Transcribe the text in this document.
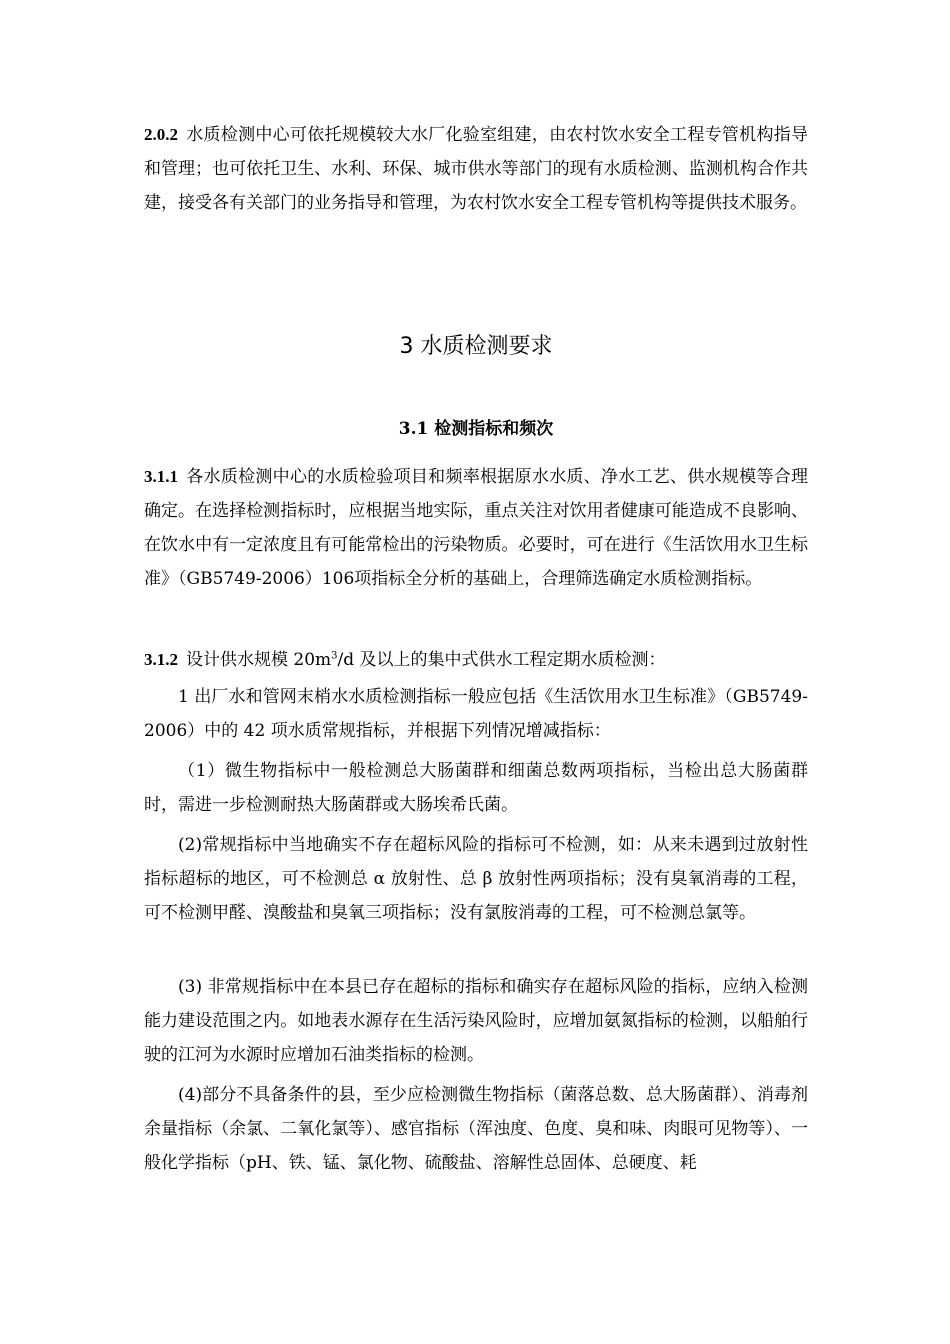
2.0.2 水质检测中心可依托规模较大水厂化验室组建，由农村饮水安全工程专管机构指导和管理；也可依托卫生、水利、环保、城市供水等部门的现有水质检测、监测机构合作共建，接受各有关部门的业务指导和管理，为农村饮水安全工程专管机构等提供技术服务。

3 水质检测要求
3.1 检测指标和频次

3.1.1 各水质检测中心的水质检验项目和频率根据原水水质、净水工艺、供水规模等合理确定。在选择检测指标时，应根据当地实际，重点关注对饮用者健康可能造成不良影响、在饮水中有一定浓度且有可能常检出的污染物质。必要时，可在进行《生活饮用水卫生标准》（GB5749-2006）106项指标全分析的基础上，合理筛选确定水质检测指标。

3.1.2 设计供水规模 $20m^3/d$ 及以上的集中式供水工程定期水质检测：

1 出厂水和管网末梢水水质检测指标一般应包括《生活饮用水卫生标准》（GB5749-2006）中的 42 项水质常规指标，并根据下列情况增减指标：

（1）微生物指标中一般检测总大肠菌群和细菌总数两项指标，当检出总大肠菌群时，需进一步检测耐热大肠菌群或大肠埃希氏菌。

(2)常规指标中当地确实不存在超标风险的指标可不检测，如：从来未遇到过放射性指标超标的地区，可不检测总 α 放射性、总 β 放射性两项指标；没有臭氧消毒的工程，可不检测甲醛、溴酸盐和臭氧三项指标；没有氯胺消毒的工程，可不检测总氯等。

(3) 非常规指标中在本县已存在超标的指标和确实存在超标风险的指标，应纳入检测能力建设范围之内。如地表水源存在生活污染风险时，应增加氨氮指标的检测，以船舶行驶的江河为水源时应增加石油类指标的检测。

(4)部分不具备条件的县，至少应检测微生物指标（菌落总数、总大肠菌群）、消毒剂余量指标（余氯、二氧化氯等）、感官指标（浑浊度、色度、臭和味、肉眼可见物等）、一般化学指标（pH、铁、锰、氯化物、硫酸盐、溶解性总固体、总硬度、耗
